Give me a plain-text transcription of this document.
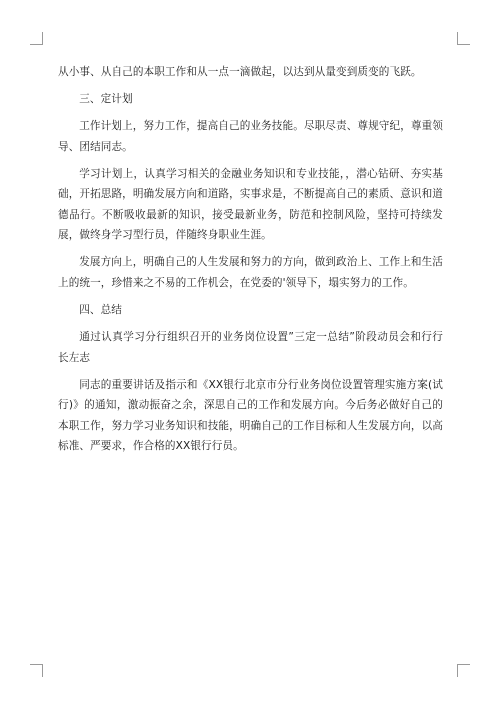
从小事、从自己的本职工作和从一点一滴做起，以达到从量变到质变的飞跃。

三、定计划

工作计划上，努力工作，提高自己的业务技能。尽职尽责、尊规守纪，尊重领导、团结同志。

学习计划上，认真学习相关的金融业务知识和专业技能，，潜心钻研、夯实基础，开拓思路，明确发展方向和道路，实事求是，不断提高自己的素质、意识和道德品行。不断吸收最新的知识，接受最新业务，防范和控制风险，坚持可持续发展，做终身学习型行员，伴随终身职业生涯。

发展方向上，明确自己的人生发展和努力的方向，做到政治上、工作上和生活上的统一，珍惜来之不易的工作机会，在党委的'领导下，塌实努力的工作。

四、总结

通过认真学习分行组织召开的业务岗位设置”三定一总结”阶段动员会和行行长左志

同志的重要讲话及指示和《XX银行北京市分行业务岗位设置管理实施方案(试行)》的通知，激动振奋之余，深思自己的工作和发展方向。今后务必做好自己的本职工作，努力学习业务知识和技能，明确自己的工作目标和人生发展方向，以高标准、严要求，作合格的XX银行行员。
